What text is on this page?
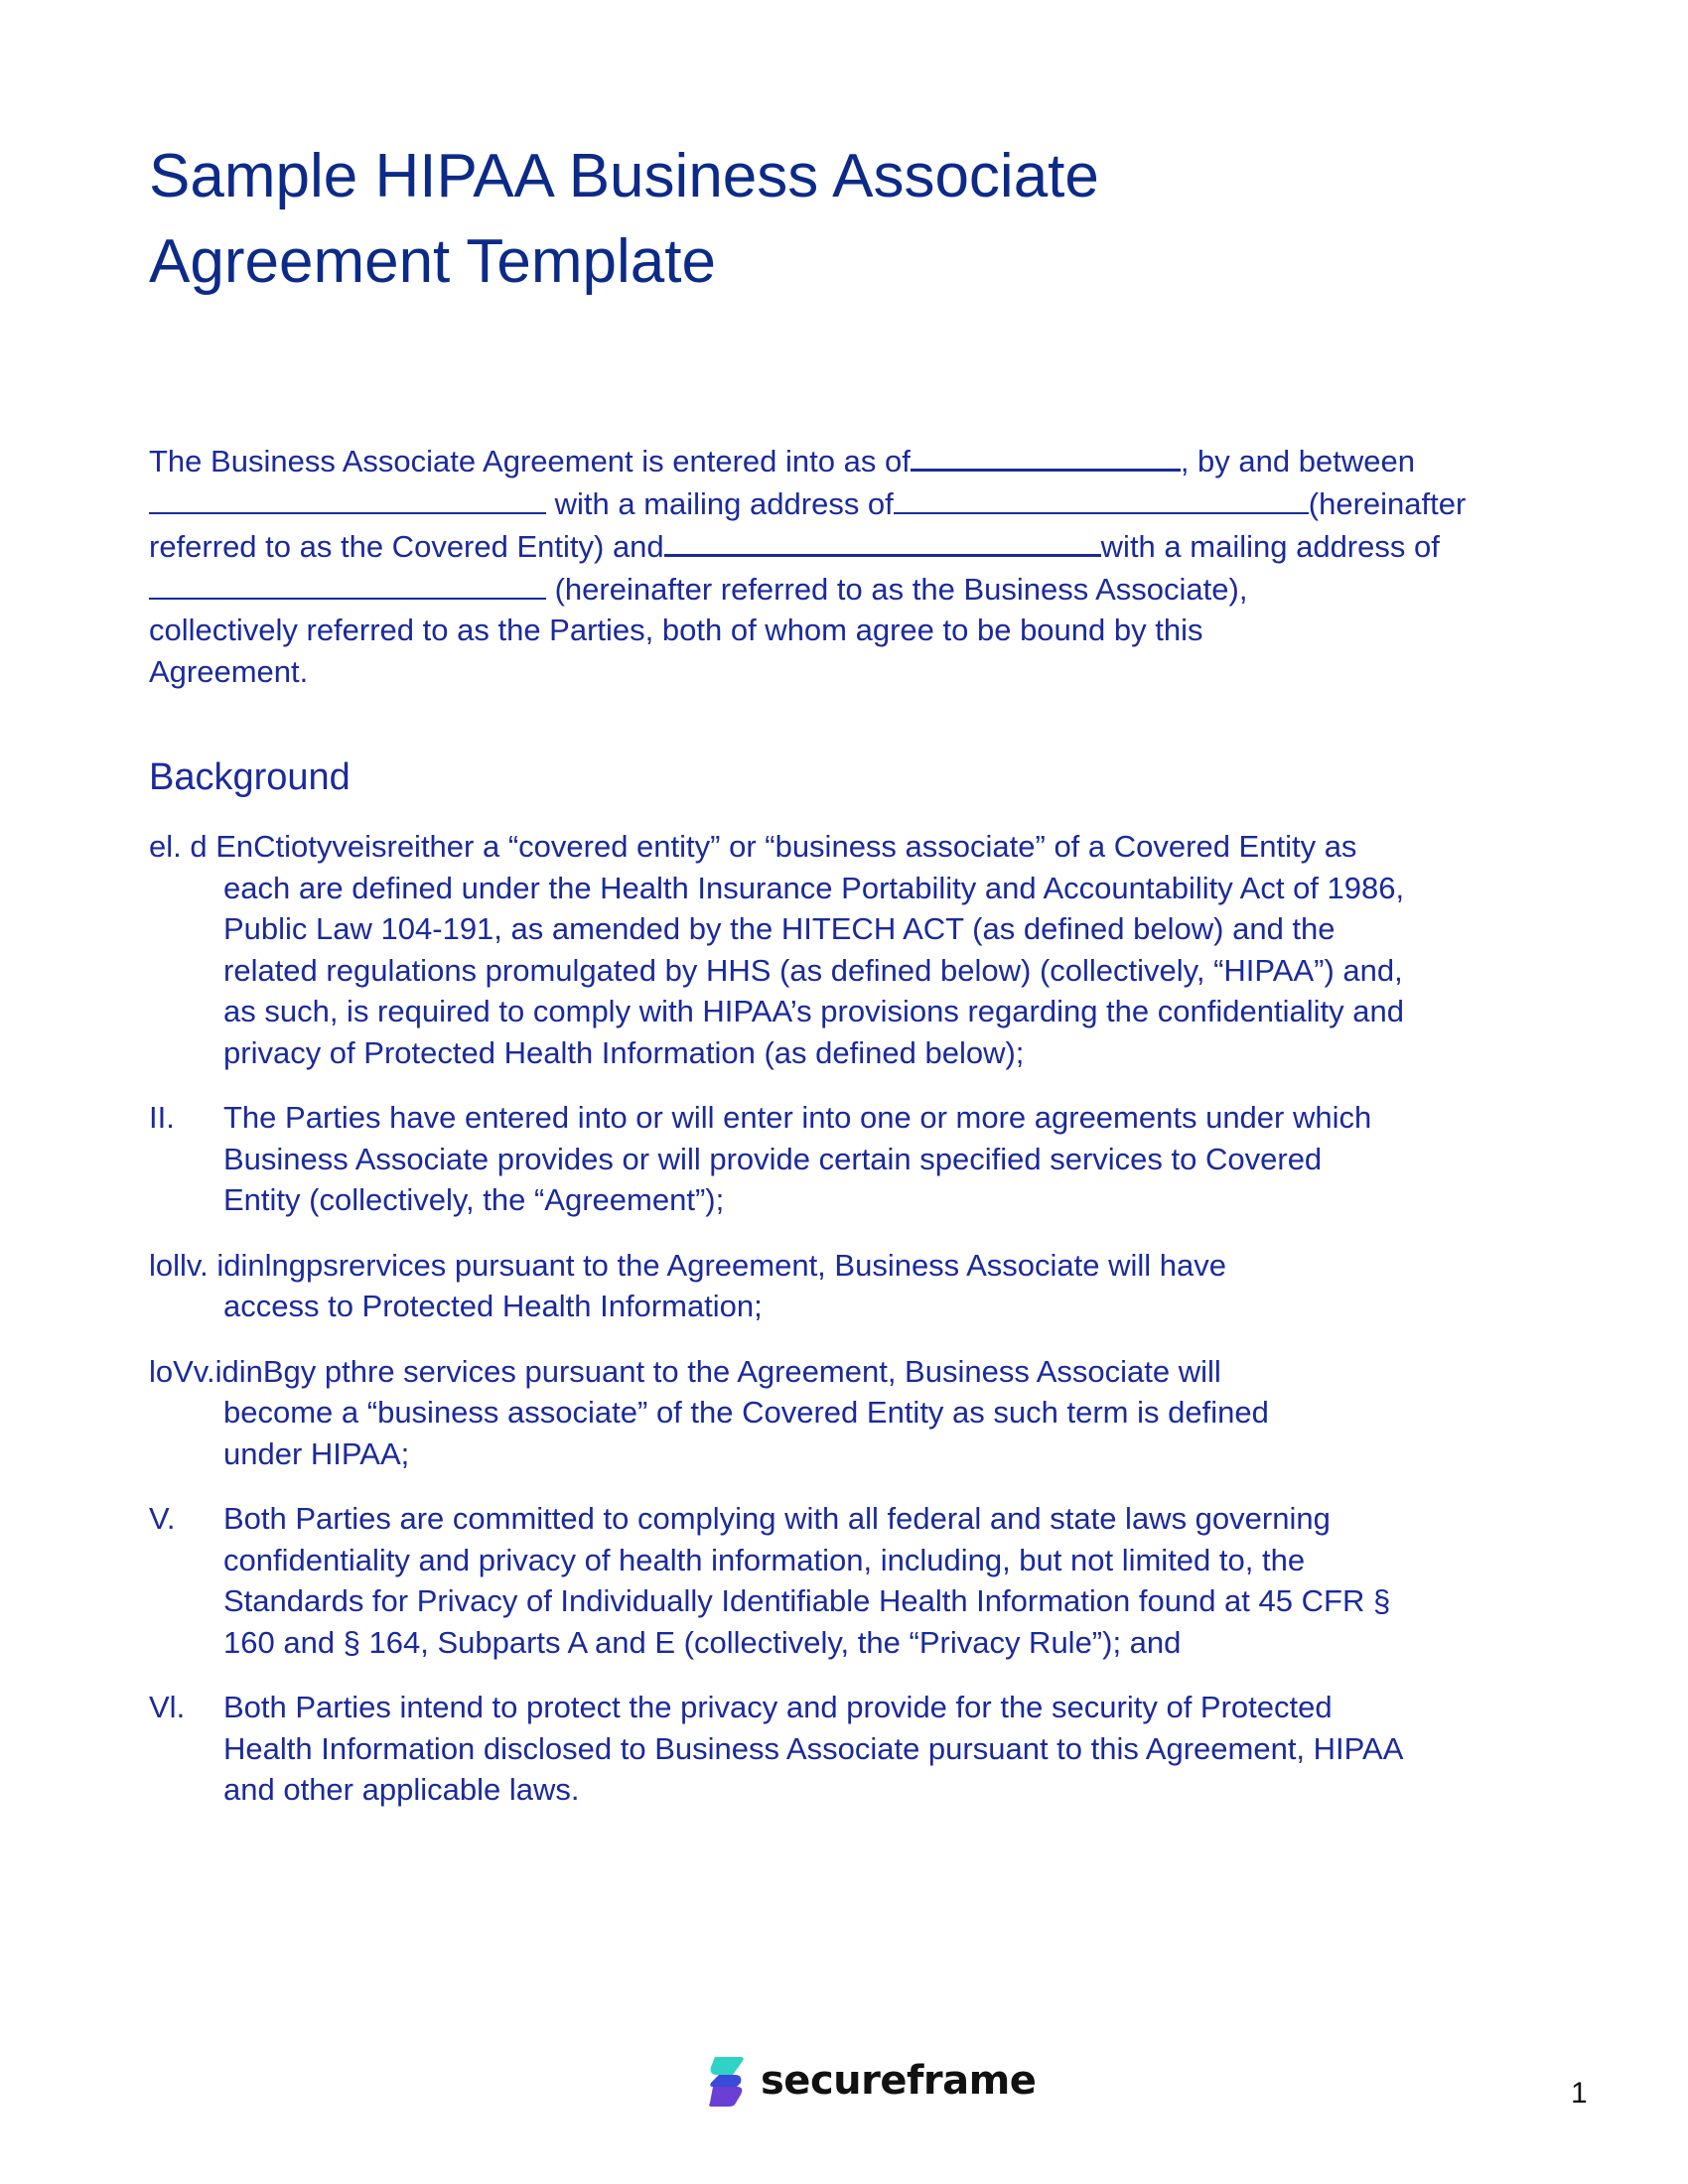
Sample HIPAA Business Associate
Agreement Template

The Business Associate Agreement is entered into as of	, by and between
with a mailing address of	(hereinafter
referred to as the Covered Entity) and	with a mailing address of
(hereinafter referred to as the Business Associate),
collectively referred to as the Parties, both of whom agree to be bound by this
Agreement.

Background
el. d EnCtiotyveisreither a “covered entity” or “business associate” of a Covered Entity as
each are defined under the Health Insurance Portability and Accountability Act of 1986,
Public Law 104-191, as amended by the HITECH ACT (as defined below) and the
related regulations promulgated by HHS (as defined below) (collectively, “HIPAA”) and,
as such, is required to comply with HIPAA’s provisions regarding the confidentiality and
privacy of Protected Health Information (as defined below);
II. The Parties have entered into or will enter into one or more agreements under which
Business Associate provides or will provide certain specified services to Covered
Entity (collectively, the “Agreement”);
lollv. idinlngpsrervices pursuant to the Agreement, Business Associate will have
access to Protected Health Information;
loVv.idinBgy pthre services pursuant to the Agreement, Business Associate will
become a “business associate” of the Covered Entity as such term is defined
under HIPAA;
V. Both Parties are committed to complying with all federal and state laws governing
confidentiality and privacy of health information, including, but not limited to, the
Standards for Privacy of Individually Identifiable Health Information found at 45 CFR §
160 and § 164, Subparts A and E (collectively, the “Privacy Rule”); and
Vl. Both Parties intend to protect the privacy and provide for the security of Protected
Health Information disclosed to Business Associate pursuant to this Agreement, HIPAA
and other applicable laws.
secureframe	1
